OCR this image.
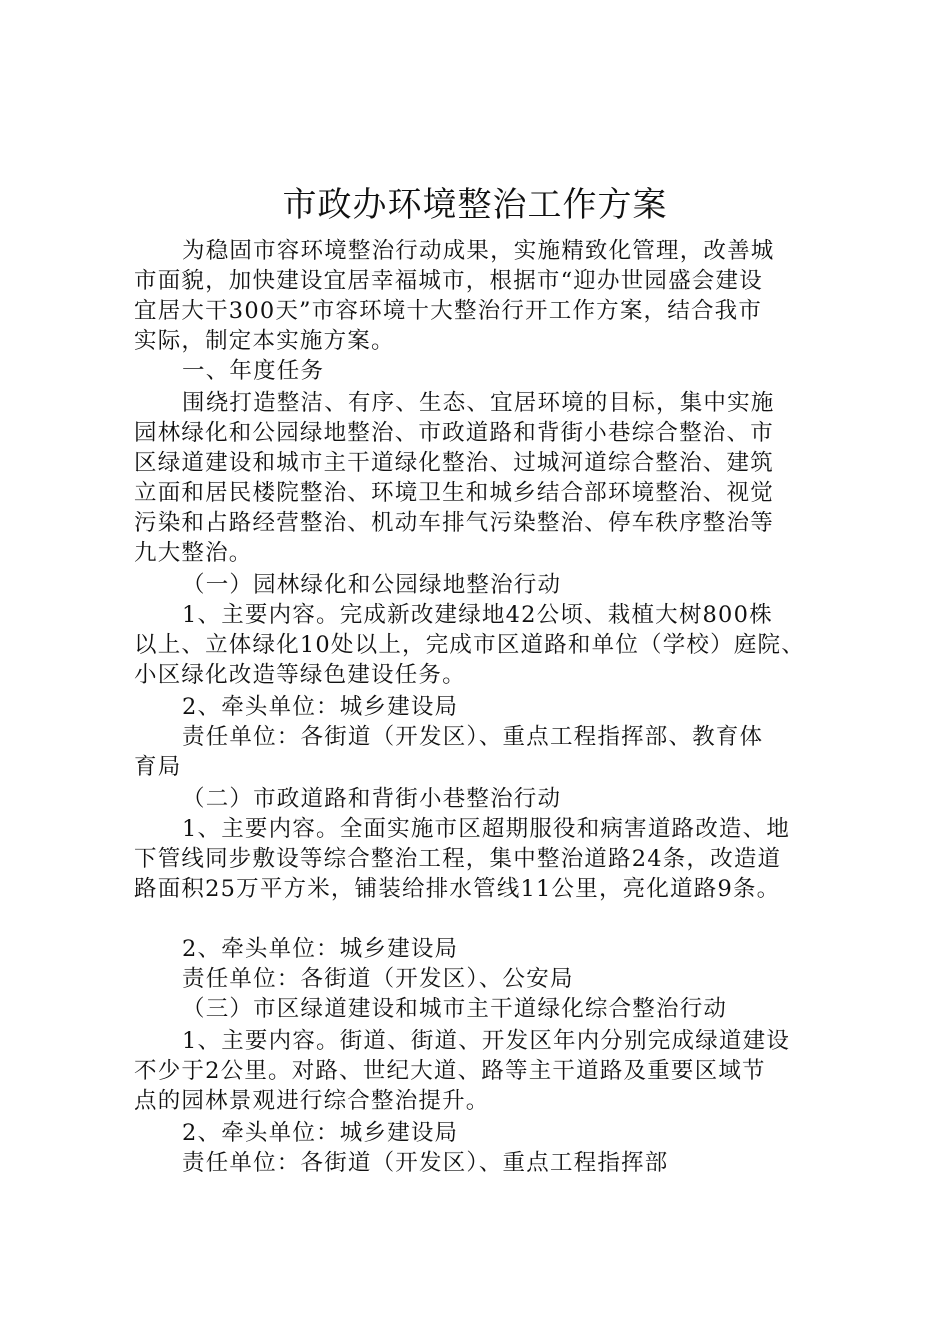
市政办环境整治工作方案
为稳固市容环境整治行动成果，实施精致化管理，改善城
市面貌，加快建设宜居幸福城市，根据市“迎办世园盛会建设
宜居大干300天”市容环境十大整治行开工作方案，结合我市
实际，制定本实施方案。
一、年度任务
围绕打造整洁、有序、生态、宜居环境的目标，集中实施
园林绿化和公园绿地整治、市政道路和背街小巷综合整治、市
区绿道建设和城市主干道绿化整治、过城河道综合整治、建筑
立面和居民楼院整治、环境卫生和城乡结合部环境整治、视觉
污染和占路经营整治、机动车排气污染整治、停车秩序整治等
九大整治。
（一）园林绿化和公园绿地整治行动
1、主要内容。完成新改建绿地42公顷、栽植大树800株
以上、立体绿化10处以上，完成市区道路和单位（学校）庭院、
小区绿化改造等绿色建设任务。
2、牵头单位：城乡建设局
责任单位：各街道（开发区）、重点工程指挥部、教育体
育局
（二）市政道路和背街小巷整治行动
1、主要内容。全面实施市区超期服役和病害道路改造、地
下管线同步敷设等综合整治工程，集中整治道路24条，改造道
路面积25万平方米，铺装给排水管线11公里，亮化道路9条。
2、牵头单位：城乡建设局
责任单位：各街道（开发区）、公安局
（三）市区绿道建设和城市主干道绿化综合整治行动
1、主要内容。街道、街道、开发区年内分别完成绿道建设
不少于2公里。对路、世纪大道、路等主干道路及重要区域节
点的园林景观进行综合整治提升。
2、牵头单位：城乡建设局
责任单位：各街道（开发区）、重点工程指挥部
